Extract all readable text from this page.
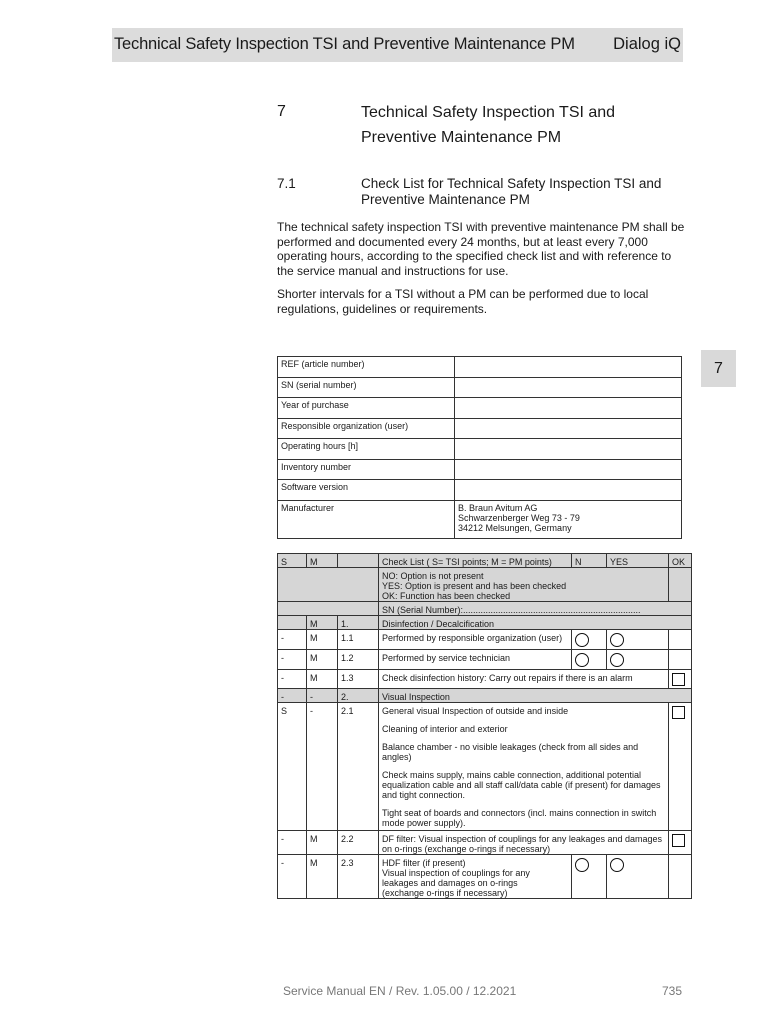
Technical Safety Inspection TSI and Preventive Maintenance PM Dialog iQ
7	Technical Safety Inspection TSI and Preventive Maintenance PM
7.1	Check List for Technical Safety Inspection TSI and Preventive Maintenance PM

The technical safety inspection TSI with preventive maintenance PM shall be performed and documented every 24 months, but at least every 7,000 operating hours, according to the specified check list and with reference to the service manual and instructions for use.

Shorter intervals for a TSI without a PM can be performed due to local regulations, guidelines or requirements.

7
REF (article number)	
SN (serial number)	
Year of purchase	
Responsible organization (user)	
Operating hours [h]	
Inventory number	
Software version	
Manufacturer	B. Braun Avitum AG
Schwarzenberger Weg 73 - 79
34212 Melsungen, Germany
S	M		Check List ( S= TSI points; M = PM points)	N	YES	OK

			NO: Option is not present
YES: Option is present and has been checked
OK: Function has been checked			

			SN (Serial Number):.......................................................................			
	M	1.	Disinfection / Decalcification			
-	M	1.1	Performed by responsible organization (user)			
-	M	1.2	Performed by service technician			
-	M	1.3	Check disinfection history: Carry out repairs if there is an alarm			
-	-	2.	Visual Inspection			
S	-	2.1	General visual Inspection of outside and inside
Cleaning of interior and exterior
Balance chamber - no visible leakages (check from all sides and angles)
Check mains supply, mains cable connection, additional potential equalization cable and all staff call/data cable (if present) for damages and tight connection.
Tight seat of boards and connectors (incl. mains connection in switch mode power supply).			

-	M	2.2	DF filter: Visual inspection of couplings for any leakages and damages on o-rings (exchange o-rings if necessary)			
-	M	2.3	HDF filter (if present)
Visual inspection of couplings for any
leakages and damages on o-rings
(exchange o-rings if necessary)			

Service Manual EN / Rev. 1.05.00 / 12.2021	735
